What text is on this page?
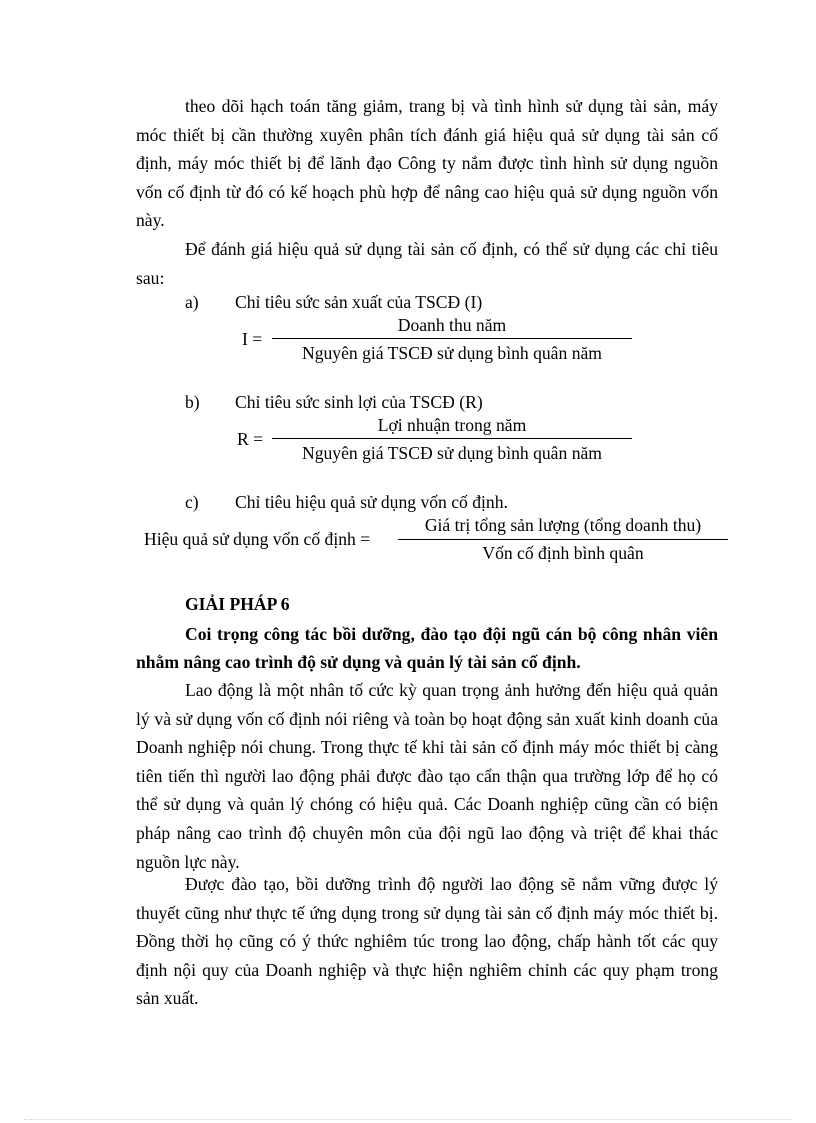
theo dõi hạch toán tăng giảm, trang bị và tình hình sử dụng tài sản, máy móc thiết bị cần thường xuyên phân tích đánh giá hiệu quả sử dụng tài sản cố định, máy móc thiết bị để lãnh đạo Công ty nắm được tình hình sử dụng nguồn vốn cố định từ đó có kế hoạch phù hợp để nâng cao hiệu quả sử dụng nguồn vốn này.

Để đánh giá hiệu quả sử dụng tài sản cố định, có thể sử dụng các chỉ tiêu sau:

a) Chỉ tiêu sức sản xuất của TSCĐ (I)
I =
Doanh thu năm
Nguyên giá TSCĐ sử dụng bình quân năm
b) Chỉ tiêu sức sinh lợi của TSCĐ (R)
R =
Lợi nhuận trong năm
Nguyên giá TSCĐ sử dụng bình quân năm
c) Chỉ tiêu hiệu quả sử dụng vốn cố định.
Hiệu quả sử dụng vốn cố định =
Giá trị tổng sản lượng (tổng doanh thu)
Vốn cố định bình quân
GIẢI PHÁP 6

Coi trọng công tác bồi dưỡng, đào tạo đội ngũ cán bộ công nhân viên nhằm nâng cao trình độ sử dụng và quản lý tài sản cố định.

Lao động là một nhân tố cức kỳ quan trọng ảnh hưởng đến hiệu quả quản lý và sử dụng vốn cố định nói riêng và toàn bọ hoạt động sản xuất kinh doanh của Doanh nghiệp nói chung. Trong thực tế khi tài sản cố định máy móc thiết bị càng tiên tiến thì người lao động phải được đào tạo cẩn thận qua trường lớp để họ có thể sử dụng và quản lý chóng có hiệu quả. Các Doanh nghiệp cũng cần có biện pháp nâng cao trình độ chuyên môn của đội ngũ lao động và triệt để khai thác nguồn lực này.

Được đào tạo, bồi dưỡng trình độ người lao động sẽ nắm vững được lý thuyết cũng như thực tế ứng dụng trong sử dụng tài sản cố định máy móc thiết bị. Đồng thời họ cũng có ý thức nghiêm túc trong lao động, chấp hành tốt các quy định nội quy của Doanh nghiệp và thực hiện nghiêm chỉnh các quy phạm trong sản xuất.
